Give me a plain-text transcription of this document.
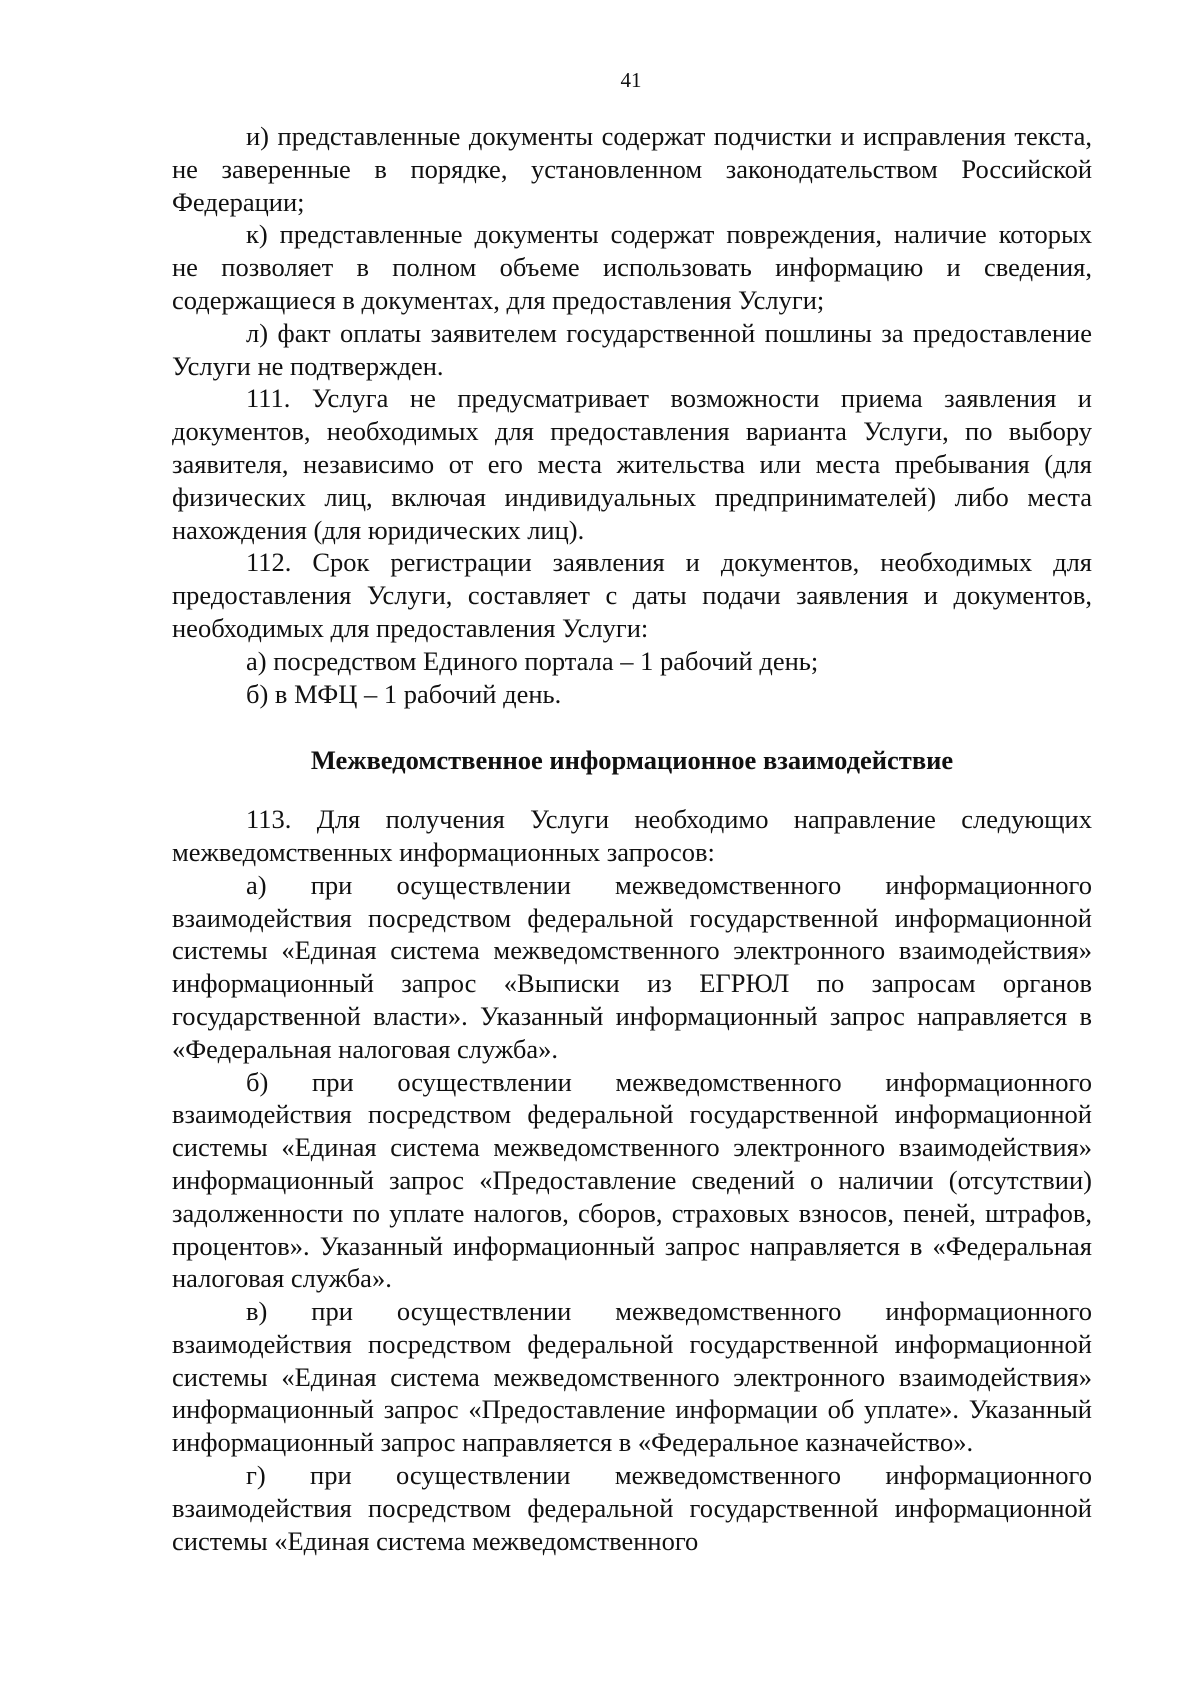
41

и) представленные документы содержат подчистки и исправления текста, не заверенные в порядке, установленном законодательством Российской Федерации;

к) представленные документы содержат повреждения, наличие которых не позволяет в полном объеме использовать информацию и сведения, содержащиеся в документах, для предоставления Услуги;

л) факт оплаты заявителем государственной пошлины за предоставление Услуги не подтвержден.

111. Услуга не предусматривает возможности приема заявления и документов, необходимых для предоставления варианта Услуги, по выбору заявителя, независимо от его места жительства или места пребывания (для физических лиц, включая индивидуальных предпринимателей) либо места нахождения (для юридических лиц).

112. Срок регистрации заявления и документов, необходимых для предоставления Услуги, составляет с даты подачи заявления и документов, необходимых для предоставления Услуги:

а) посредством Единого портала – 1 рабочий день;

б) в МФЦ – 1 рабочий день.

Межведомственное информационное взаимодействие

113. Для получения Услуги необходимо направление следующих межведомственных информационных запросов:

а) при осуществлении межведомственного информационного взаимодействия посредством федеральной государственной информационной системы «Единая система межведомственного электронного взаимодействия» информационный запрос «Выписки из ЕГРЮЛ по запросам органов государственной власти». Указанный информационный запрос направляется в «Федеральная налоговая служба».

б) при осуществлении межведомственного информационного взаимодействия посредством федеральной государственной информационной системы «Единая система межведомственного электронного взаимодействия» информационный запрос «Предоставление сведений о наличии (отсутствии) задолженности по уплате налогов, сборов, страховых взносов, пеней, штрафов, процентов». Указанный информационный запрос направляется в «Федеральная налоговая служба».

в) при осуществлении межведомственного информационного взаимодействия посредством федеральной государственной информационной системы «Единая система межведомственного электронного взаимодействия» информационный запрос «Предоставление информации об уплате». Указанный информационный запрос направляется в «Федеральное казначейство».

г) при осуществлении межведомственного информационного взаимодействия посредством федеральной государственной информационной системы «Единая система межведомственного
